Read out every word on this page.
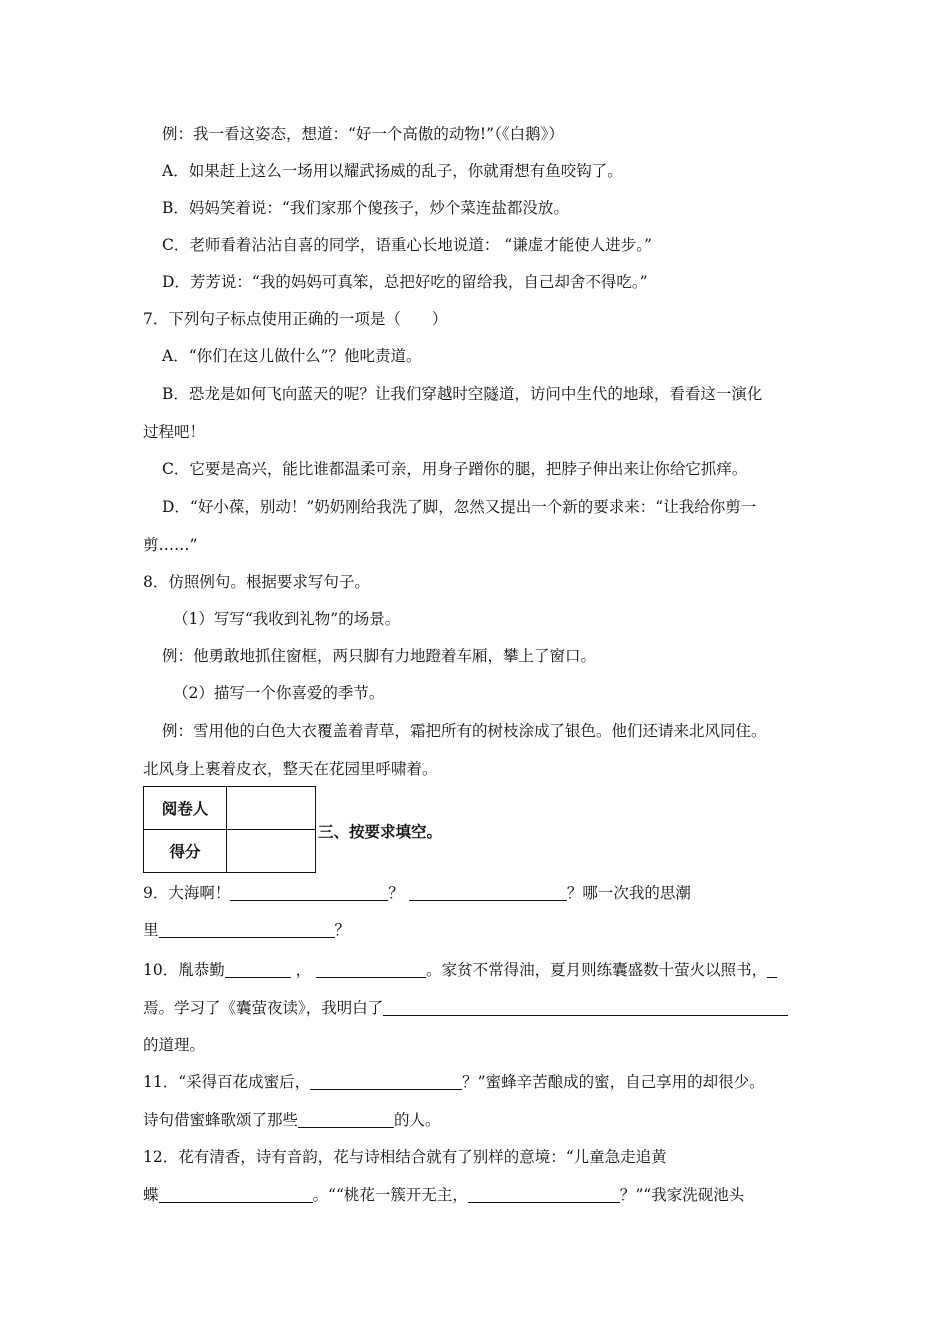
例：我一看这姿态，想道：“好一个高傲的动物!”（《白鹅》）
A．如果赶上这么一场用以耀武扬威的乱子，你就甭想有鱼咬钩了。
B．妈妈笑着说：“我们家那个傻孩子，炒个菜连盐都没放。
C．老师看着沾沾自喜的同学，语重心长地说道： “谦虚才能使人进步。”
D．芳芳说：“我的妈妈可真笨，总把好吃的留给我，自己却舍不得吃。”
7．下列句子标点使用正确的一项是（　　）
A．“你们在这儿做什么”？他叱责道。
B．恐龙是如何飞向蓝天的呢？让我们穿越时空隧道，访问中生代的地球，看看这一演化
过程吧！
C．它要是高兴，能比谁都温柔可亲，用身子蹭你的腿，把脖子伸出来让你给它抓痒。
D．“好小葆，别动！”奶奶刚给我洗了脚，忽然又提出一个新的要求来：“让我给你剪一
剪……”
8．仿照例句。根据要求写句子。
（1）写写“我收到礼物”的场景。
例：他勇敢地抓住窗框，两只脚有力地蹬着车厢，攀上了窗口。
（2）描写一个你喜爱的季节。
例：雪用他的白色大衣覆盖着青草，霜把所有的树枝涂成了银色。他们还请来北风同住。
北风身上裹着皮衣，整天在花园里呼啸着。
阅卷人	
得分	
三、按要求填空。
9．大海啊！	？	？哪一次我的思潮
里	？
10．胤恭勤	，	。家贫不常得油，夏月则练囊盛数十萤火以照书，
焉。学习了《囊萤夜读》，我明白了
的道理。
11．“采得百花成蜜后，	？”蜜蜂辛苦酿成的蜜，自己享用的却很少。
诗句借蜜蜂歌颂了那些	的人。
12．花有清香，诗有音韵，花与诗相结合就有了别样的意境：“儿童急走追黄
蝶	。““桃花一簇开无主，	？”“我家洗砚池头
